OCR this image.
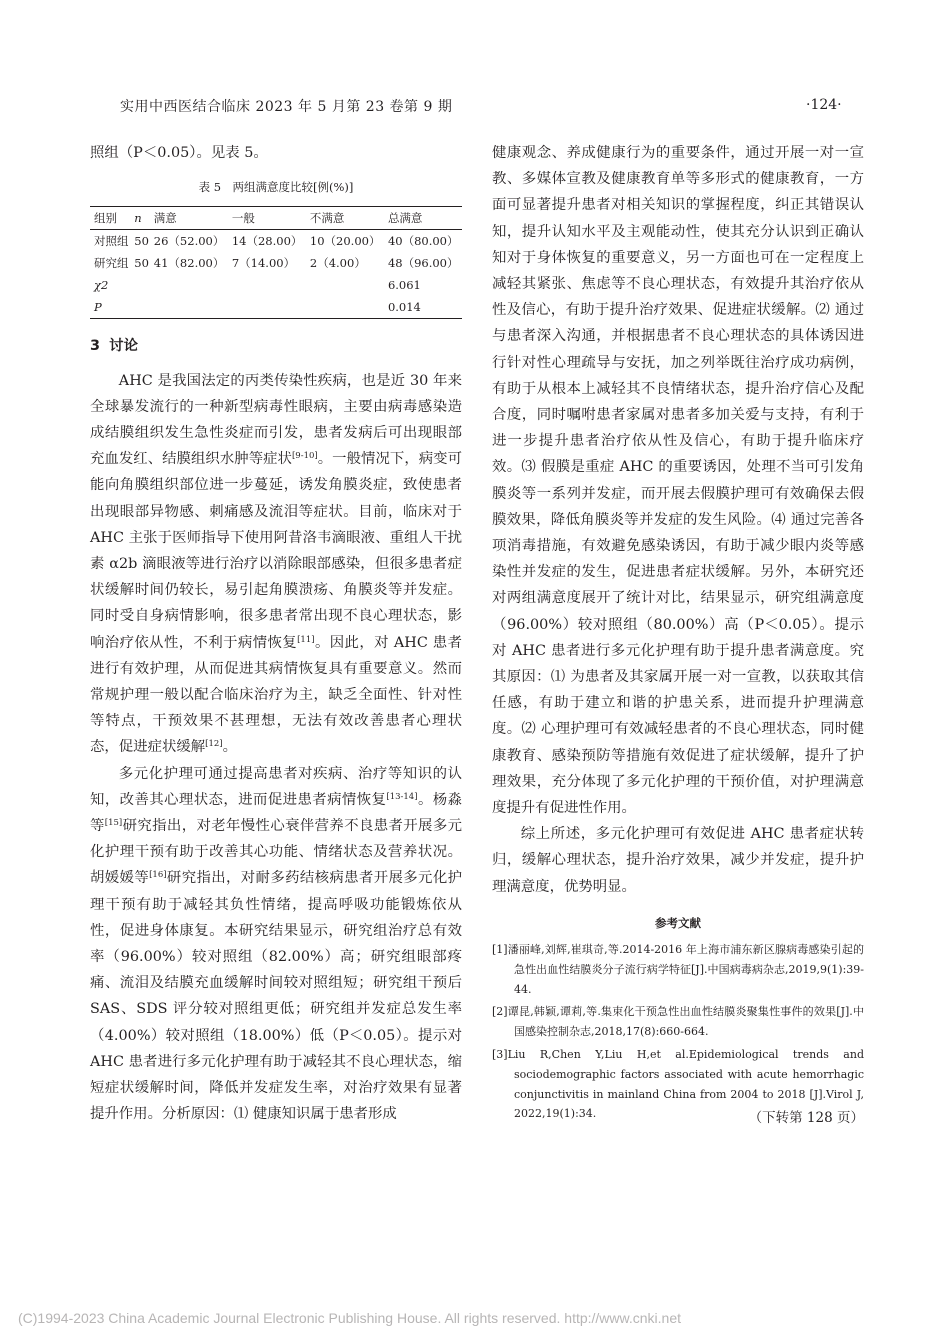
实用中西医结合临床 2023 年 5 月第 23 卷第 9 期	·124·

照组（P＜0.05）。见表 5。

表 5　两组满意度比较[例(%)]
组别	n	满意	一般	不满意	总满意
对照组	50	26（52.00）	14（28.00）	10（20.00）	40（80.00）
研究组	50	41（82.00）	7（14.00）	2（4.00）	48（96.00）
χ2					6.061
P					0.014
3 讨论

AHC 是我国法定的丙类传染性疾病，也是近 30 年来全球暴发流行的一种新型病毒性眼病，主要由病毒感染造成结膜组织发生急性炎症而引发，患者发病后可出现眼部充血发红、结膜组织水肿等症状[9-10]。一般情况下，病变可能向角膜组织部位进一步蔓延，诱发角膜炎症，致使患者出现眼部异物感、刺痛感及流泪等症状。目前，临床对于 AHC 主张于医师指导下使用阿昔洛韦滴眼液、重组人干扰素 α2b 滴眼液等进行治疗以消除眼部感染，但很多患者症状缓解时间仍较长，易引起角膜溃疡、角膜炎等并发症。同时受自身病情影响，很多患者常出现不良心理状态，影响治疗依从性，不利于病情恢复[11]。因此，对 AHC 患者进行有效护理，从而促进其病情恢复具有重要意义。然而常规护理一般以配合临床治疗为主，缺乏全面性、针对性等特点，干预效果不甚理想，无法有效改善患者心理状态，促进症状缓解[12]。

多元化护理可通过提高患者对疾病、治疗等知识的认知，改善其心理状态，进而促进患者病情恢复[13-14]。杨淼等[15]研究指出，对老年慢性心衰伴营养不良患者开展多元化护理干预有助于改善其心功能、情绪状态及营养状况。胡媛媛等[16]研究指出，对耐多药结核病患者开展多元化护理干预有助于减轻其负性情绪，提高呼吸功能锻炼依从性，促进身体康复。本研究结果显示，研究组治疗总有效率（96.00%）较对照组（82.00%）高；研究组眼部疼痛、流泪及结膜充血缓解时间较对照组短；研究组干预后 SAS、SDS 评分较对照组更低；研究组并发症总发生率（4.00%）较对照组（18.00%）低（P＜0.05）。提示对 AHC 患者进行多元化护理有助于减轻其不良心理状态，缩短症状缓解时间，降低并发症发生率，对治疗效果有显著提升作用。分析原因：⑴ 健康知识属于患者形成

健康观念、养成健康行为的重要条件，通过开展一对一宣教、多媒体宣教及健康教育单等多形式的健康教育，一方面可显著提升患者对相关知识的掌握程度，纠正其错误认知，提升认知水平及主观能动性，使其充分认识到正确认知对于身体恢复的重要意义，另一方面也可在一定程度上减轻其紧张、焦虑等不良心理状态，有效提升其治疗依从性及信心，有助于提升治疗效果、促进症状缓解。⑵ 通过与患者深入沟通，并根据患者不良心理状态的具体诱因进行针对性心理疏导与安抚，加之列举既往治疗成功病例，有助于从根本上减轻其不良情绪状态，提升治疗信心及配合度，同时嘱咐患者家属对患者多加关爱与支持，有利于进一步提升患者治疗依从性及信心，有助于提升临床疗效。⑶ 假膜是重症 AHC 的重要诱因，处理不当可引发角膜炎等一系列并发症，而开展去假膜护理可有效确保去假膜效果，降低角膜炎等并发症的发生风险。⑷ 通过完善各项消毒措施，有效避免感染诱因，有助于减少眼内炎等感染性并发症的发生，促进患者症状缓解。另外，本研究还对两组满意度展开了统计对比，结果显示，研究组满意度（96.00%）较对照组（80.00%）高（P＜0.05）。提示对 AHC 患者进行多元化护理有助于提升患者满意度。究其原因：⑴ 为患者及其家属开展一对一宣教，以获取其信任感，有助于建立和谐的护患关系，进而提升护理满意度。⑵ 心理护理可有效减轻患者的不良心理状态，同时健康教育、感染预防等措施有效促进了症状缓解，提升了护理效果，充分体现了多元化护理的干预价值，对护理满意度提升有促进性作用。

综上所述，多元化护理可有效促进 AHC 患者症状转归，缓解心理状态，提升治疗效果，减少并发症，提升护理满意度，优势明显。

参考文献
[1]潘丽峰,刘辉,崔琪奇,等.2014-2016 年上海市浦东新区腺病毒感染引起的急性出血性结膜炎分子流行病学特征[J].中国病毒病杂志,2019,9(1):39-44.
[2]谭昆,韩颖,谭莉,等.集束化干预急性出血性结膜炎聚集性事件的效果[J].中国感染控制杂志,2018,17(8):660-664.
[3]Liu R,Chen Y,Liu H,et al.Epidemiological trends and sociodemographic factors associated with acute hemorrhagic conjunctivitis in mainland China from 2004 to 2018 [J].Virol J, 2022,19(1):34.	（下转第 128 页）
(C)1994-2023 China Academic Journal Electronic Publishing House. All rights reserved. http://www.cnki.net
